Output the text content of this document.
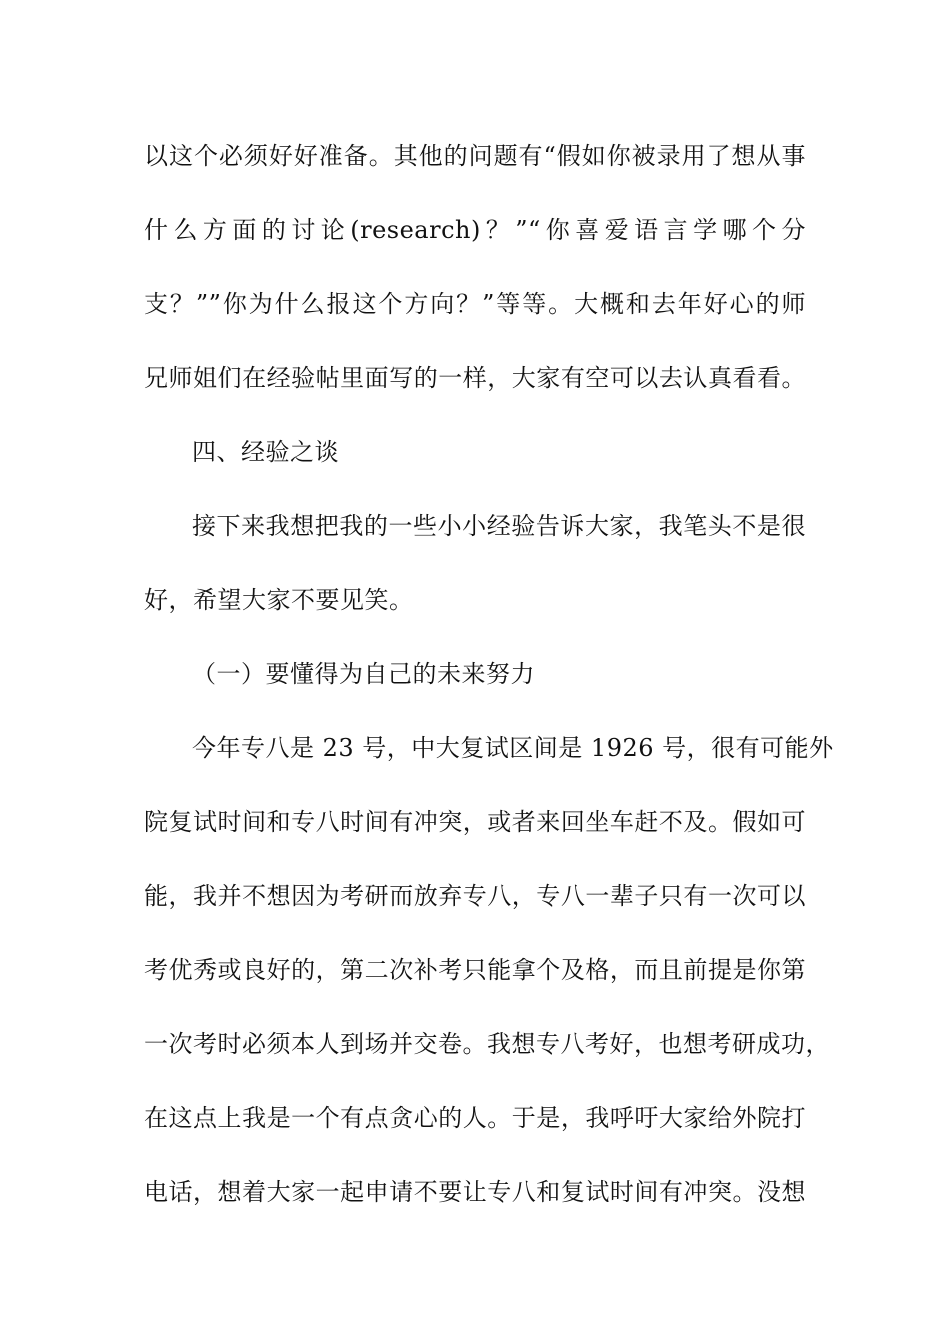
以这个必须好好准备。其他的问题有“假如你被录用了想从事
什么方面的讨论(research)？”“你喜爱语言学哪个分
支？””你为什么报这个方向？”等等。大概和去年好心的师
兄师姐们在经验帖里面写的一样，大家有空可以去认真看看。
四、经验之谈
接下来我想把我的一些小小经验告诉大家，我笔头不是很
好，希望大家不要见笑。
（一）要懂得为自己的未来努力
今年专八是 23 号，中大复试区间是 1926 号，很有可能外
院复试时间和专八时间有冲突，或者来回坐车赶不及。假如可
能，我并不想因为考研而放弃专八，专八一辈子只有一次可以
考优秀或良好的，第二次补考只能拿个及格，而且前提是你第
一次考时必须本人到场并交卷。我想专八考好，也想考研成功，
在这点上我是一个有点贪心的人。于是，我呼吁大家给外院打
电话，想着大家一起申请不要让专八和复试时间有冲突。没想
